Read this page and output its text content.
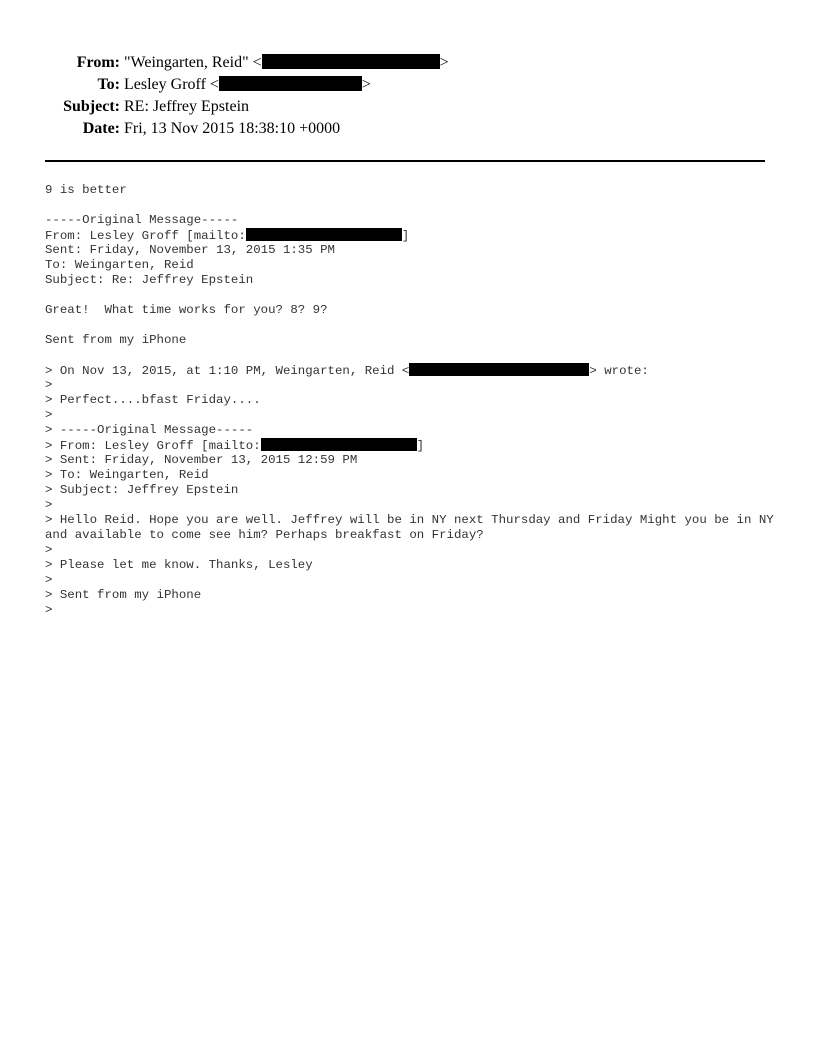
From: "Weingarten, Reid" <	>
To: Lesley Groff <	>
Subject: RE: Jeffrey Epstein
Date: Fri, 13 Nov 2015 18:38:10 +0000
9 is better
-----Original Message-----
From: Lesley Groff [mailto:	]
Sent: Friday, November 13, 2015 1:35 PM
To: Weingarten, Reid
Subject: Re: Jeffrey Epstein
Great!  What time works for you? 8? 9?
Sent from my iPhone
> On Nov 13, 2015, at 1:10 PM, Weingarten, Reid <	> wrote:
>
> Perfect....bfast Friday....
>
> -----Original Message-----
> From: Lesley Groff [mailto:	]
> Sent: Friday, November 13, 2015 12:59 PM
> To: Weingarten, Reid
> Subject: Jeffrey Epstein
>
> Hello Reid. Hope you are well. Jeffrey will be in NY next Thursday and Friday Might you be in NY and available to come see him? Perhaps breakfast on Friday?
>
> Please let me know. Thanks, Lesley
>
> Sent from my iPhone
>
